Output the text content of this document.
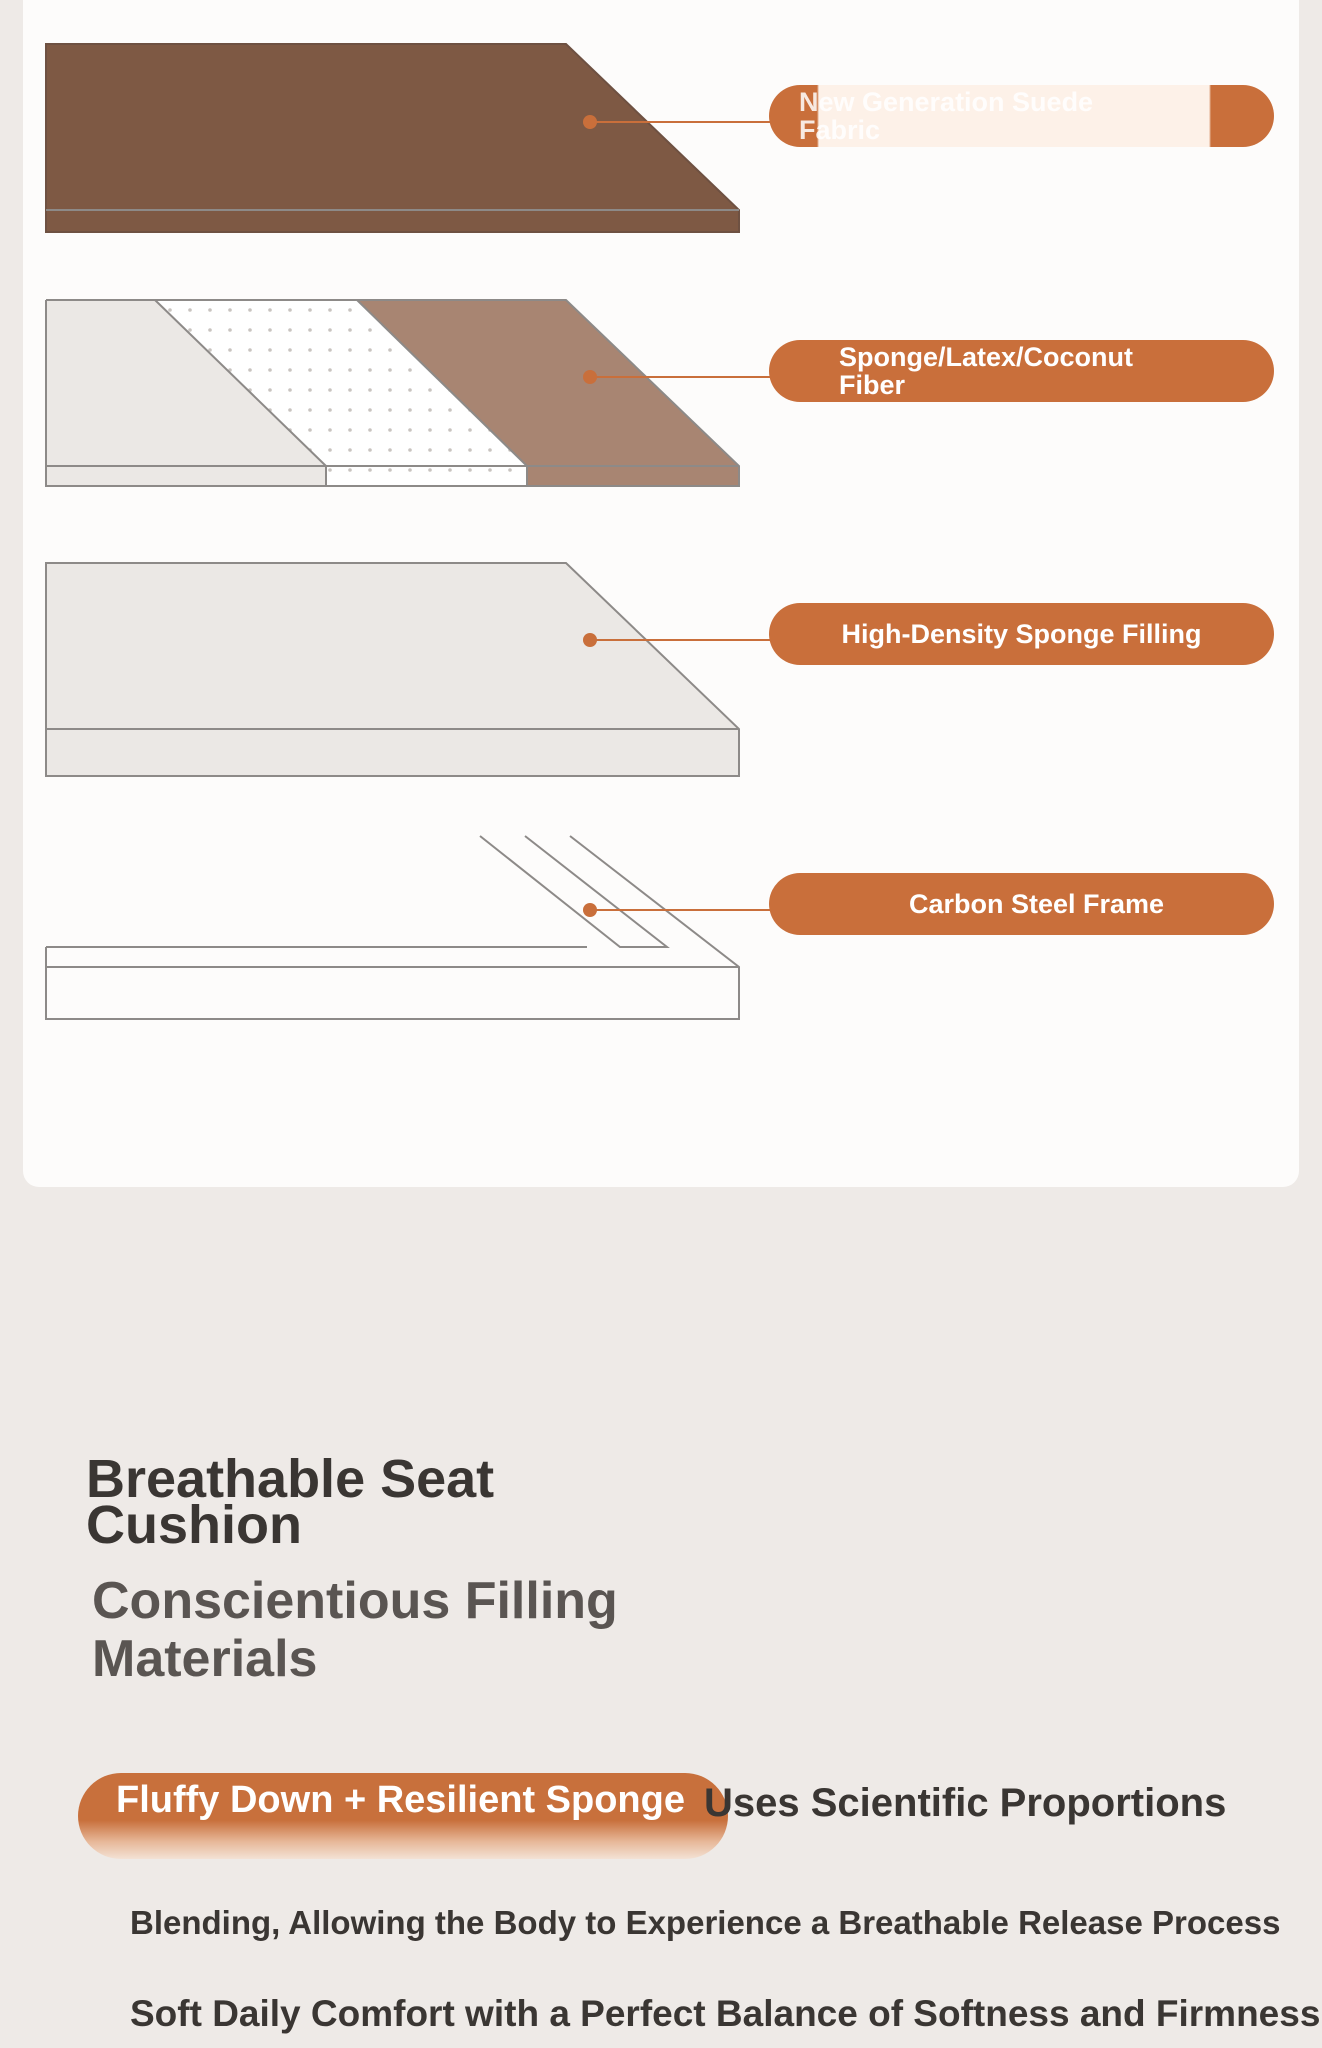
New Generation Suede Fabric
Sponge/Latex/Coconut Fiber
High-Density Sponge Filling
Carbon Steel Frame
Breathable Seat Cushion
Conscientious Filling Materials
Fluffy Down + Resilient Sponge Uses Scientific Proportions
Blending, Allowing the Body to Experience a Breathable Release Process
Soft Daily Comfort with a Perfect Balance of Softness and Firmness
